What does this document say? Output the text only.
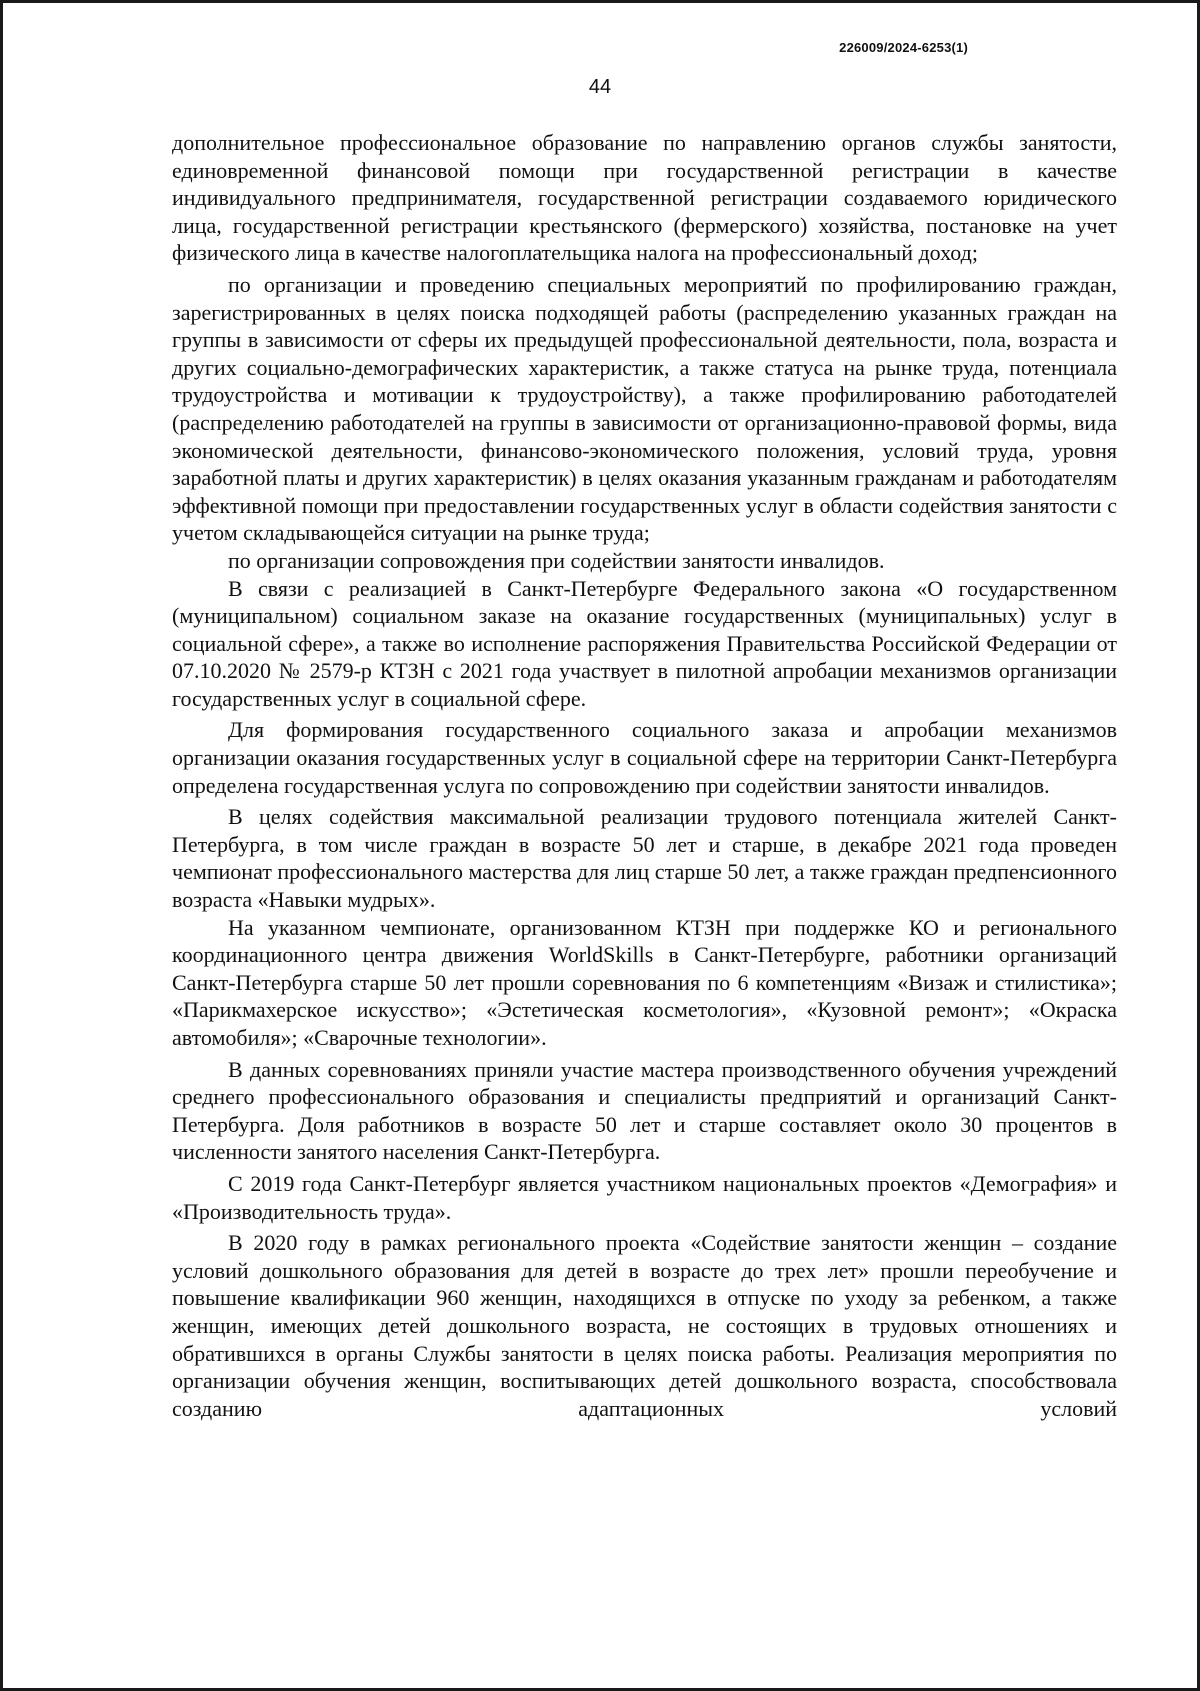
226009/2024-6253(1)
44

дополнительное профессиональное образование по направлению органов службы занятости, единовременной финансовой помощи при государственной регистрации в качестве индивидуального предпринимателя, государственной регистрации создаваемого юридического лица, государственной регистрации крестьянского (фермерского) хозяйства, постановке на учет физического лица в качестве налогоплательщика налога на профессиональный доход;

по организации и проведению специальных мероприятий по профилированию граждан, зарегистрированных в целях поиска подходящей работы (распределению указанных граждан на группы в зависимости от сферы их предыдущей профессиональной деятельности, пола, возраста и других социально-демографических характеристик, а также статуса на рынке труда, потенциала трудоустройства и мотивации к трудоустройству), а также профилированию работодателей (распределению работодателей на группы в зависимости от организационно-правовой формы, вида экономической деятельности, финансово-экономического положения, условий труда, уровня заработной платы и других характеристик) в целях оказания указанным гражданам и работодателям эффективной помощи при предоставлении государственных услуг в области содействия занятости с учетом складывающейся ситуации на рынке труда;

по организации сопровождения при содействии занятости инвалидов.

В связи с реализацией в Санкт-Петербурге Федерального закона «О государственном (муниципальном) социальном заказе на оказание государственных (муниципальных) услуг в социальной сфере», а также во исполнение распоряжения Правительства Российской Федерации от 07.10.2020 № 2579-р КТЗН с 2021 года участвует в пилотной апробации механизмов организации государственных услуг в социальной сфере.

Для формирования государственного социального заказа и апробации механизмов организации оказания государственных услуг в социальной сфере на территории Санкт-Петербурга определена государственная услуга по сопровождению при содействии занятости инвалидов.

В целях содействия максимальной реализации трудового потенциала жителей Санкт-Петербурга, в том числе граждан в возрасте 50 лет и старше, в декабре 2021 года проведен чемпионат профессионального мастерства для лиц старше 50 лет, а также граждан предпенсионного возраста «Навыки мудрых».

На указанном чемпионате, организованном КТЗН при поддержке КО и регионального координационного центра движения WorldSkills в Санкт-Петербурге, работники организаций Санкт-Петербурга старше 50 лет прошли соревнования по 6 компетенциям «Визаж и стилистика»; «Парикмахерское искусство»; «Эстетическая косметология», «Кузовной ремонт»; «Окраска автомобиля»; «Сварочные технологии».

В данных соревнованиях приняли участие мастера производственного обучения учреждений среднего профессионального образования и специалисты предприятий и организаций Санкт-Петербурга. Доля работников в возрасте 50 лет и старше составляет около 30 процентов в численности занятого населения Санкт-Петербурга.

С 2019 года Санкт-Петербург является участником национальных проектов «Демография» и «Производительность труда».

В 2020 году в рамках регионального проекта «Содействие занятости женщин – создание условий дошкольного образования для детей в возрасте до трех лет» прошли переобучение и повышение квалификации 960 женщин, находящихся в отпуске по уходу за ребенком, а также женщин, имеющих детей дошкольного возраста, не состоящих в трудовых отношениях и обратившихся в органы Службы занятости в целях поиска работы. Реализация мероприятия по организации обучения женщин, воспитывающих детей дошкольного возраста, способствовала созданию адаптационных условий
